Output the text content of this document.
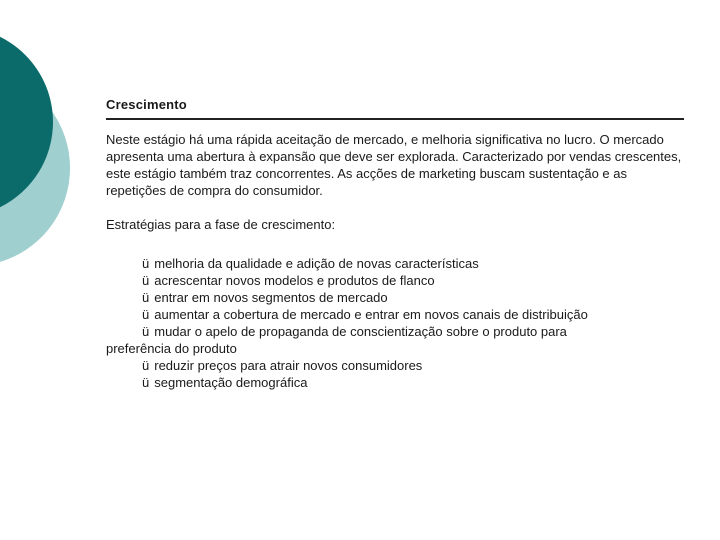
Crescimento

Neste estágio há uma rápida aceitação de mercado, e melhoria significativa no lucro. O mercado apresenta uma abertura à expansão que deve ser explorada. Caracterizado por vendas crescentes, este estágio também traz concorrentes. As acções de marketing buscam sustentação e as repetições de compra do consumidor.

Estratégias para a fase de crescimento:

ü melhoria da qualidade e adição de novas características
ü acrescentar novos modelos e produtos de flanco
ü entrar em novos segmentos de mercado
ü aumentar a cobertura de mercado e entrar em novos canais de distribuição
ü mudar o apelo de propaganda de conscientização sobre o produto para
preferência do produto
ü reduzir preços para atrair novos consumidores
ü segmentação demográfica
